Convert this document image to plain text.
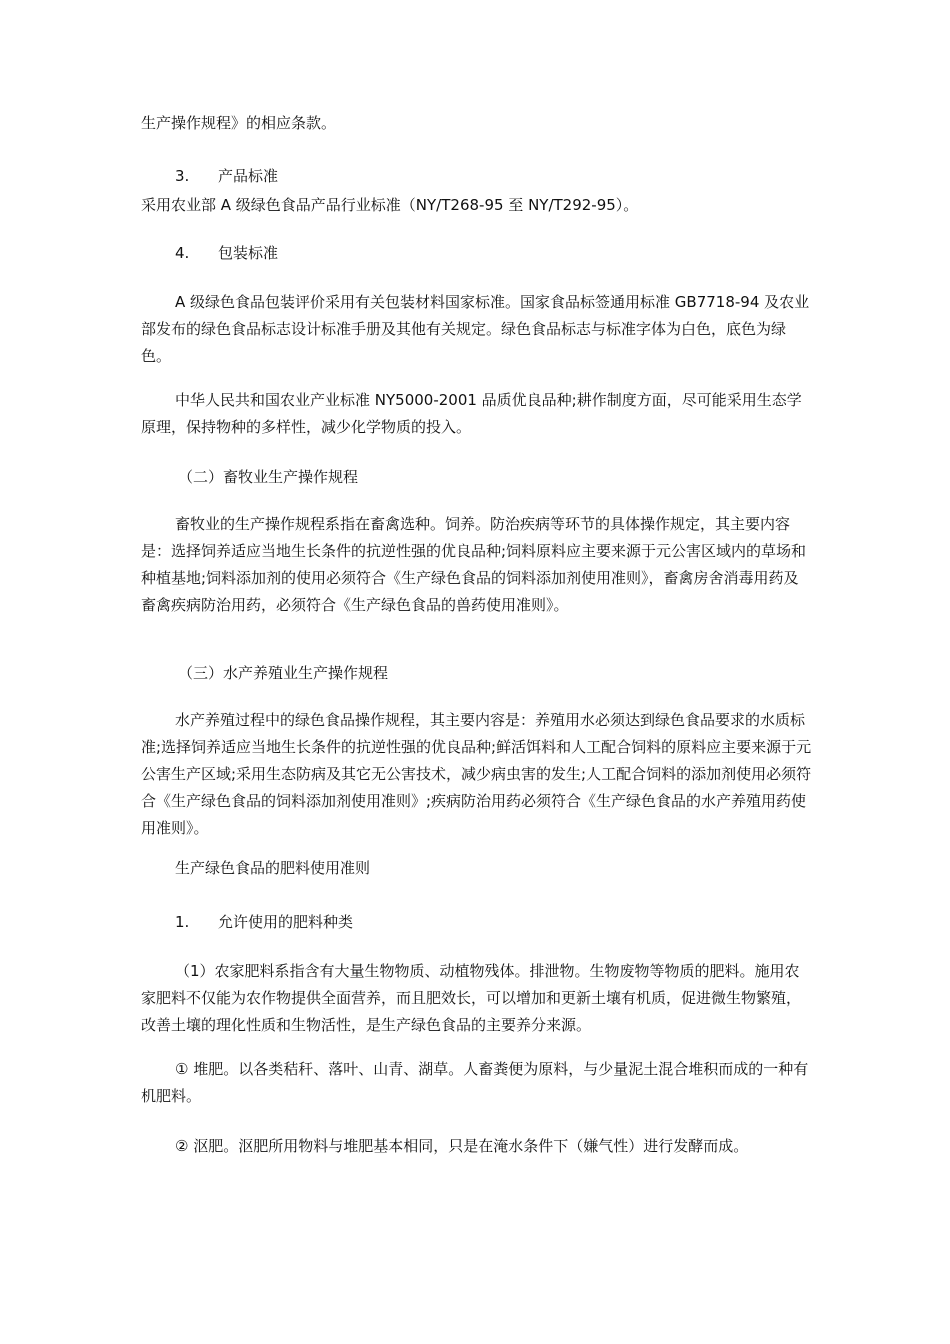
生产操作规程》的相应条款。

3. 产品标准

采用农业部 A 级绿色食品产品行业标准（NY/T268-95 至 NY/T292-95）。

4. 包装标准

A 级绿色食品包装评价采用有关包装材料国家标准。国家食品标签通用标准 GB7718-94 及农业部发布的绿色食品标志设计标准手册及其他有关规定。绿色食品标志与标准字体为白色，底色为绿色。

中华人民共和国农业产业标准 NY5000-2001 品质优良品种;耕作制度方面，尽可能采用生态学原理，保持物种的多样性，减少化学物质的投入。

（二）畜牧业生产操作规程

畜牧业的生产操作规程系指在畜禽选种。饲养。防治疾病等环节的具体操作规定，其主要内容是：选择饲养适应当地生长条件的抗逆性强的优良品种;饲料原料应主要来源于元公害区域内的草场和种植基地;饲料添加剂的使用必须符合《生产绿色食品的饲料添加剂使用准则》，畜禽房舍消毒用药及畜禽疾病防治用药，必须符合《生产绿色食品的兽药使用准则》。

（三）水产养殖业生产操作规程

水产养殖过程中的绿色食品操作规程，其主要内容是：养殖用水必须达到绿色食品要求的水质标准;选择饲养适应当地生长条件的抗逆性强的优良品种;鲜活饵料和人工配合饲料的原料应主要来源于元公害生产区域;采用生态防病及其它无公害技术，减少病虫害的发生;人工配合饲料的添加剂使用必须符合《生产绿色食品的饲料添加剂使用准则》;疾病防治用药必须符合《生产绿色食品的水产养殖用药使用准则》。

生产绿色食品的肥料使用准则

1. 允许使用的肥料种类

（1）农家肥料系指含有大量生物物质、动植物残体。排泄物。生物废物等物质的肥料。施用农家肥料不仅能为农作物提供全面营养，而且肥效长，可以增加和更新土壤有机质，促进微生物繁殖，改善土壤的理化性质和生物活性，是生产绿色食品的主要养分来源。

① 堆肥。以各类秸秆、落叶、山青、湖草。人畜粪便为原料，与少量泥土混合堆积而成的一种有机肥料。

② 沤肥。沤肥所用物料与堆肥基本相同，只是在淹水条件下（嫌气性）进行发酵而成。
